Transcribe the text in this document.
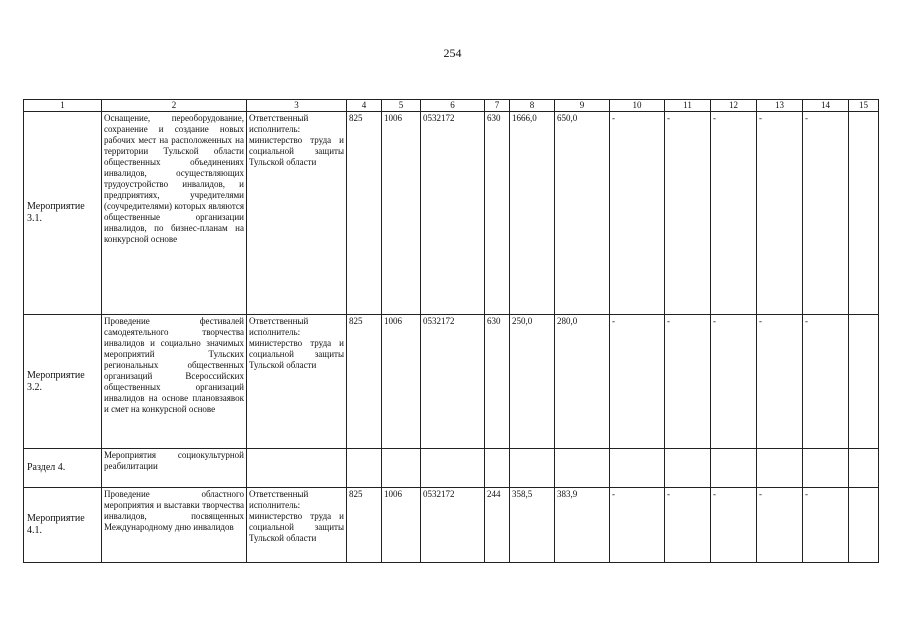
254
1	2	3	4	5	6	7	8	9	10	11	12	13	14	15
Мероприятие 3.1.	Оснащение, переоборудование, сохранение и создание новых рабочих мест на расположенных на территории Тульской области общественных объединениях инвалидов, осуществляющих трудоустройство инвалидов, и предприятиях, учредителями (соучредителями) которых являются общественные организации инвалидов, по бизнес-планам на конкурсной основе	Ответственный исполнитель: министерство труда и социальной защиты Тульской области	825	1006	0532172	630	1666,0	650,0	-	-	-	-	-	
Мероприятие 3.2.	Проведение фестивалей самодеятельного творчества инвалидов и социально значимых мероприятий Тульских региональных общественных организаций Всероссийских общественных организаций инвалидов на основе плановзаявок и смет на конкурсной основе	Ответственный исполнитель: министерство труда и социальной защиты Тульской области	825	1006	0532172	630	250,0	280,0	-	-	-	-	-	
Раздел 4.	Мероприятия социокультурной реабилитации													
Мероприятие 4.1.	Проведение областного мероприятия и выставки творчества инвалидов, посвященных Международному дню инвалидов	Ответственный исполнитель: министерство труда и социальной защиты Тульской области	825	1006	0532172	244	358,5	383,9	-	-	-	-	-	
